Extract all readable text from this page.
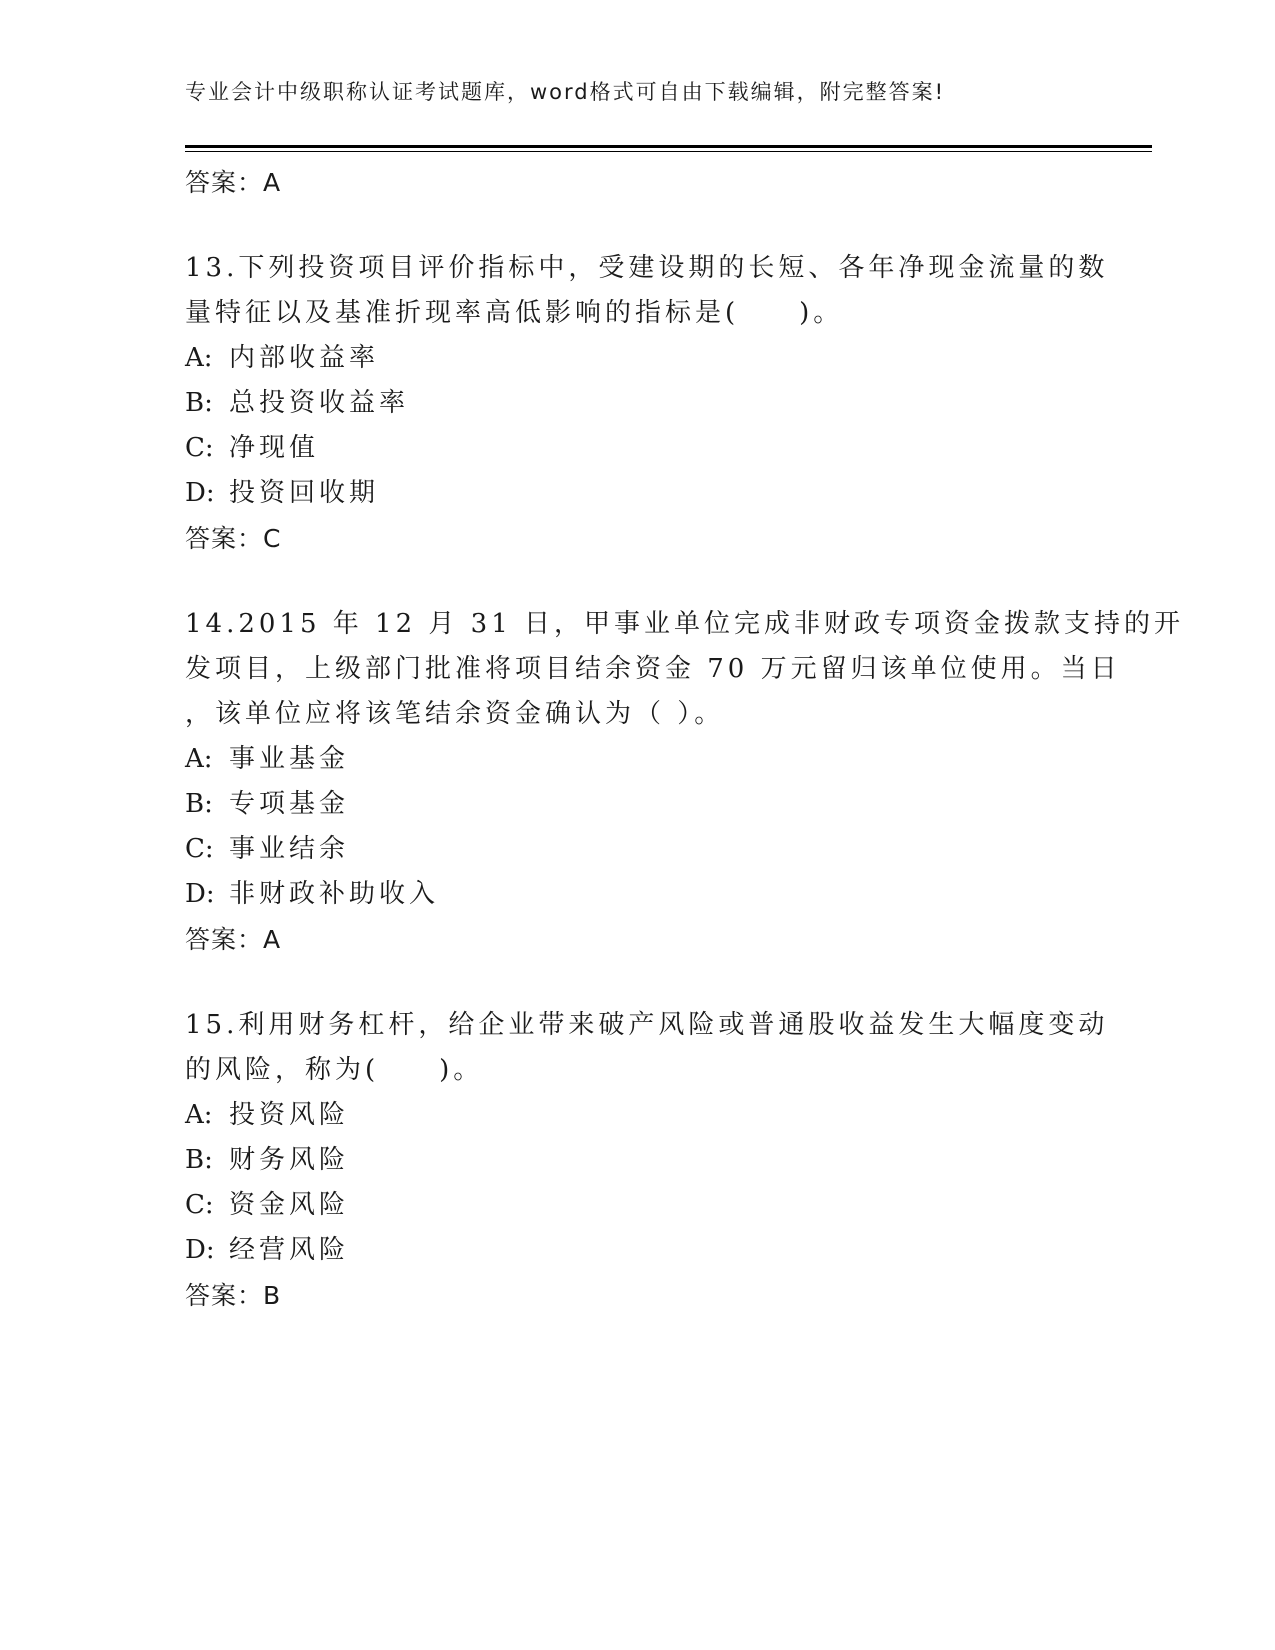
专业会计中级职称认证考试题库，word格式可自由下载编辑，附完整答案!
答案：A
13.下列投资项目评价指标中，受建设期的长短、各年净现金流量的数
量特征以及基准折现率高低影响的指标是(　　)。
A: 内部收益率
B: 总投资收益率
C: 净现值
D: 投资回收期
答案：C
14.2015 年 12 月 31 日，甲事业单位完成非财政专项资金拨款支持的开
发项目，上级部门批准将项目结余资金 70 万元留归该单位使用。当日
，该单位应将该笔结余资金确认为（ ）。
A: 事业基金
B: 专项基金
C: 事业结余
D: 非财政补助收入
答案：A
15.利用财务杠杆，给企业带来破产风险或普通股收益发生大幅度变动
的风险，称为(　　)。
A: 投资风险
B: 财务风险
C: 资金风险
D: 经营风险
答案：B
